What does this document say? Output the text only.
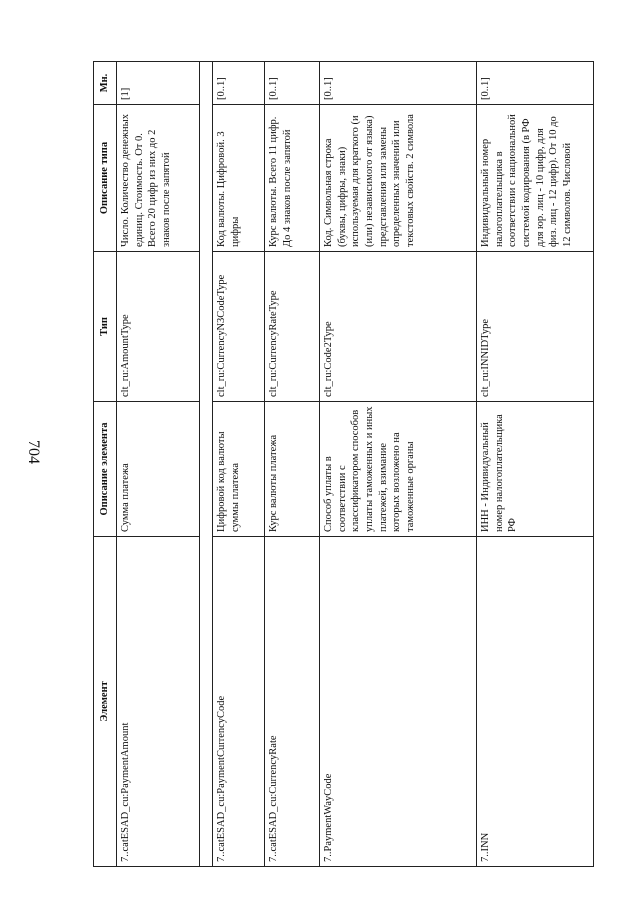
704
Элемент	Описание элемента	Тип	Описание типа	Мн.
7..catESAD_cu:PaymentAmount	Сумма платежа	clt_ru:AmountType	Число. Количество денежных единиц. Стоимость. От 0. Всего 20 цифр из них до 2 знаков после запятой	[1]

7..catESAD_cu:PaymentCurrencyCode	Цифровой код валюты суммы платежа	clt_ru:CurrencyN3CodeType	Код валюты. Цифровой. 3 цифры	[0..1]
7..catESAD_cu:CurrencyRate	Курс валюты платежа	clt_ru:CurrencyRateType	Курс валюты. Всего 11 цифр. До 4 знаков после запятой	[0..1]
7..PaymentWayCode	Способ уплаты в соответствии с классификатором способов уплаты таможенных и иных платежей, взимание которых возложено на таможенные органы	clt_ru:Code2Type	Код. Символьная строка (буквы, цифры, знаки) используемая для краткого (и (или) независимого от языка) представления или замены определенных значений или текстовых свойств. 2 символа	[0..1]
7..INN	ИНН - Индивидуальный номер налогоплательщика РФ	clt_ru:INNIDType	Индивидуальный номер налогоплательщика в соответствии с национальной системой кодирования (в РФ для юр. лиц - 10 цифр, для физ. лиц - 12 цифр). От 10 до 12 символов. Числовой	[0..1]
